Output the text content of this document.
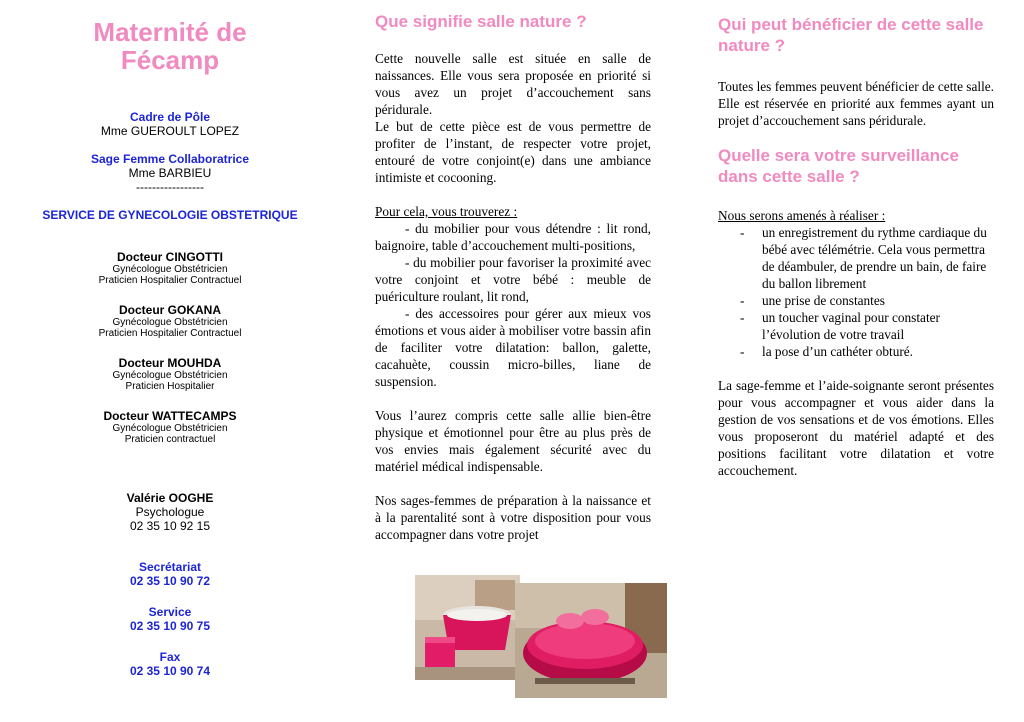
Maternité de
Fécamp
Cadre de Pôle
Mme GUEROULT LOPEZ
Sage Femme Collaboratrice
Mme BARBIEU
-----------------
SERVICE DE GYNECOLOGIE OBSTETRIQUE
Docteur CINGOTTI
Gynécologue Obstétricien
Praticien Hospitalier Contractuel
Docteur GOKANA
Gynécologue Obstétricien
Praticien Hospitalier Contractuel
Docteur MOUHDA
Gynécologue Obstétricien
Praticien Hospitalier
Docteur WATTECAMPS
Gynécologue Obstétricien
Praticien contractuel
Valérie OOGHE
Psychologue
02 35 10 92 15
Secrétariat
02 35 10 90 72
Service
02 35 10 90 75
Fax
02 35 10 90 74
Que signifie salle nature ?
Cette nouvelle salle est située en salle de naissances. Elle vous sera proposée en priorité si vous avez un projet d’accouchement sans péridurale.
Le but de cette pièce est de vous permettre de profiter de l’instant, de respecter votre projet, entouré de votre conjoint(e) dans une ambiance intimiste et cocooning.
Pour cela, vous trouverez :
- du mobilier pour vous détendre : lit rond, baignoire, table d’accouchement multi-positions,
- du mobilier pour favoriser la proximité avec votre conjoint et votre bébé : meuble de puériculture roulant, lit rond,
- des accessoires pour gérer aux mieux vos émotions et vous aider à mobiliser votre bassin afin de faciliter votre dilatation: ballon, galette, cacahuète, coussin micro-billes, liane de suspension.
Vous l’aurez compris cette salle allie bien-être physique et émotionnel pour être au plus près de vos envies mais également sécurité avec du matériel médical indispensable.
Nos sages-femmes de préparation à la naissance et à la parentalité sont à votre disposition pour vous accompagner dans votre projet
Qui peut bénéficier de cette salle nature ?
Toutes les femmes peuvent bénéficier de cette salle. Elle est réservée en priorité aux femmes ayant un projet d’accouchement sans péridurale.
Quelle sera votre surveillance dans cette salle ?
Nous serons amenés à réaliser :
- un enregistrement du rythme cardiaque du bébé avec télémétrie. Cela vous permettra de déambuler, de prendre un bain, de faire du ballon librement
- une prise de constantes
- un toucher vaginal pour constater l’évolution de votre travail
- la pose d’un cathéter obturé.
La sage-femme et l’aide-soignante seront présentes pour vous accompagner et vous aider dans la gestion de vos sensations et de vos émotions. Elles vous proposeront du matériel adapté et des positions facilitant votre dilatation et votre accouchement.
